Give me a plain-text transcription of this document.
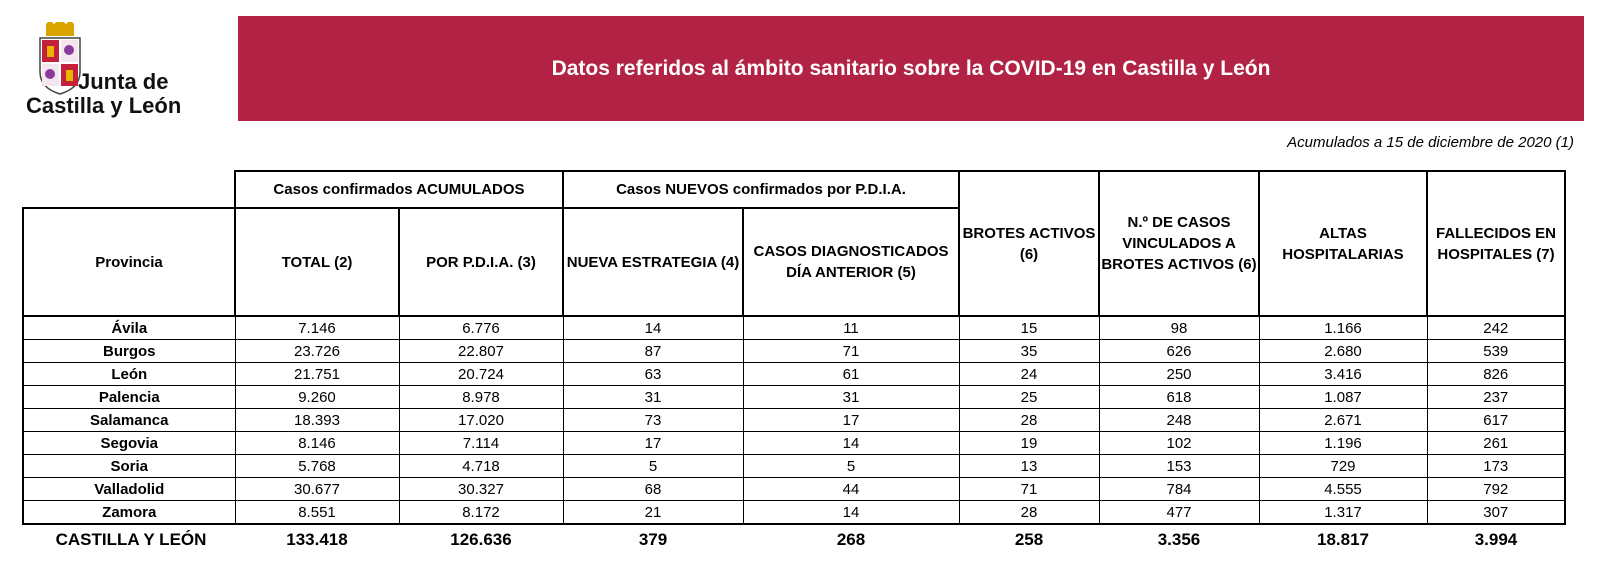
Junta de
Castilla y León
Datos referidos al ámbito sanitario sobre la COVID-19 en Castilla y León
Acumulados a 15 de diciembre de 2020 (1)
	Casos confirmados ACUMULADOS		Casos NUEVOS confirmados por P.D.I.A.		BROTES ACTIVOS (6)	N.º DE CASOS VINCULADOS A BROTES ACTIVOS (6)	ALTAS HOSPITALARIAS	FALLECIDOS EN HOSPITALES (7)
Provincia	TOTAL (2)	POR P.D.I.A. (3)	NUEVA ESTRATEGIA (4)	CASOS DIAGNOSTICADOS DÍA ANTERIOR (5)				
Ávila	7.146	6.776	14	11	15	98	1.166	242
Burgos	23.726	22.807	87	71	35	626	2.680	539
León	21.751	20.724	63	61	24	250	3.416	826
Palencia	9.260	8.978	31	31	25	618	1.087	237
Salamanca	18.393	17.020	73	17	28	248	2.671	617
Segovia	8.146	7.114	17	14	19	102	1.196	261
Soria	5.768	4.718	5	5	13	153	729	173
Valladolid	30.677	30.327	68	44	71	784	4.555	792
Zamora	8.551	8.172	21	14	28	477	1.317	307
CASTILLA Y LEÓN	133.418	126.636	379	268	258	3.356	18.817	3.994
